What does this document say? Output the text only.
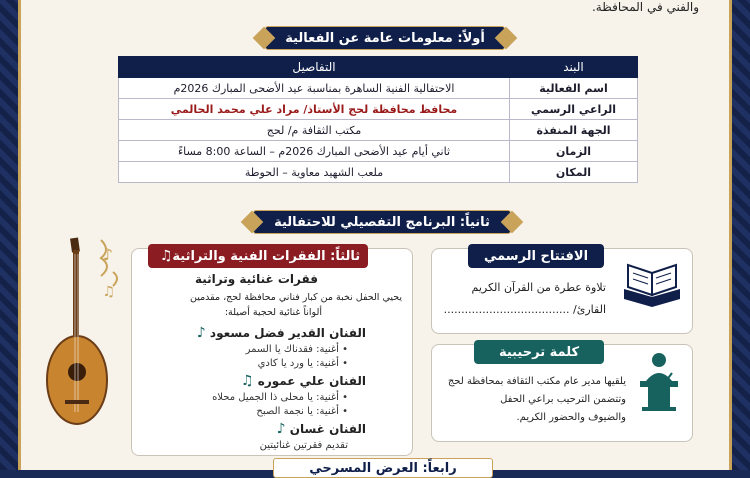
والفني في المحافظة.
أولاً: معلومات عامة عن الفعالية
البند	التفاصيل
اسم الفعالية	الاحتفالية الفنية الساهرة بمناسبة عيد الأضحى المبارك 2026م
الراعي الرسمي	محافظ محافظة لحج الأستاذ/ مراد علي محمد الحالمي
الجهة المنفذة	مكتب الثقافة م/ لحج
الزمان	ثاني أيام عيد الأضحى المبارك 2026م – الساعة 8:00 مساءً
المكان	ملعب الشهيد معاوية – الحوطة
ثانياً: البرنامج التفصيلي للاحتفالية
الافتتاح الرسمي
تلاوة عطرة من القرآن الكريم
القارئ/ ....................................
كلمة ترحيبية
يلقيها مدير عام مكتب الثقافة بمحافظة لحج
وتتضمن الترحيب براعي الحفل
والضيوف والحضور الكريم.
ثالثاً: الفقرات الفنية والتراثية
♫
فقرات غنائية وتراثية
يحيي الحفل نخبة من كبار فناني محافظة لحج، مقدمين
ألواناً غنائية لحجية أصيلة:
الفنان القدير فضل مسعود ♪
• أغنية: فقدناك يا السمر
• أغنية: يا ورد يا كادي
الفنان علي عموره ♫
• أغنية: يا محلى ذا الجميل محلاه
• أغنية: يا نجمة الصبح
الفنان غسان ♪
تقديم فقرتين غنائيتين
♪
♫
رابعاً: العرض المسرحي
